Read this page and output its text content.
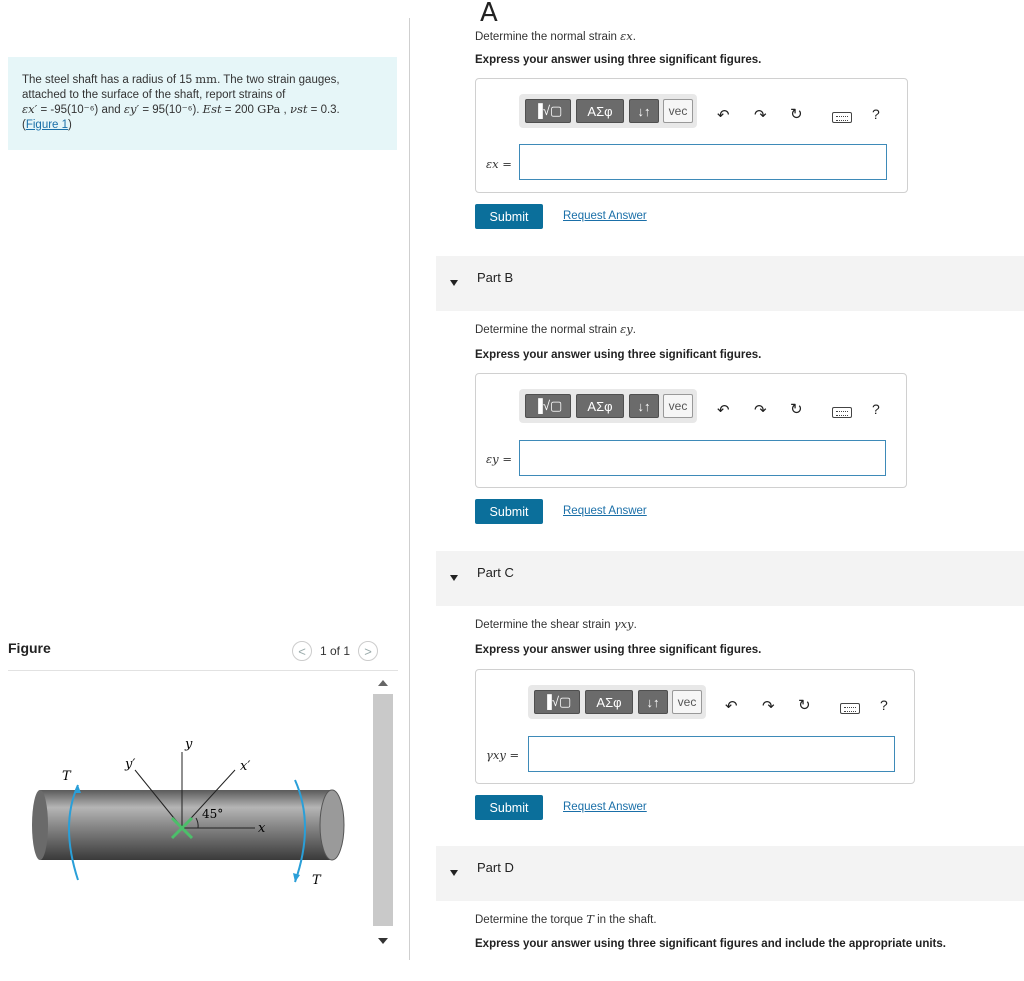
The steel shaft has a radius of 15 mm. The two strain gauges,
attached to the surface of the shaft, report strains of
εx′ = -95(10⁻⁶) and εy′ = 95(10⁻⁶). Est = 200 GPa , νst = 0.3.
(Figure 1)
Figure	<	1 of 1	>
y
y′	x′
x
T
T
45°
A
Determine the normal strain εx.
Express your answer using three significant figures.
▐√▢	ΑΣφ	↓↑	vec	↶ ↷ ↻	?
εx =
Submit	Request Answer
Part B
Determine the normal strain εy.
Express your answer using three significant figures.
▐√▢	ΑΣφ	↓↑	vec	↶ ↷ ↻	?
εy =
Submit	Request Answer
Part C
Determine the shear strain γxy.
Express your answer using three significant figures.
▐√▢	ΑΣφ	↓↑	vec	↶ ↷ ↻	?
γxy =
Submit	Request Answer
Part D
Determine the torque T in the shaft.
Express your answer using three significant figures and include the appropriate units.
